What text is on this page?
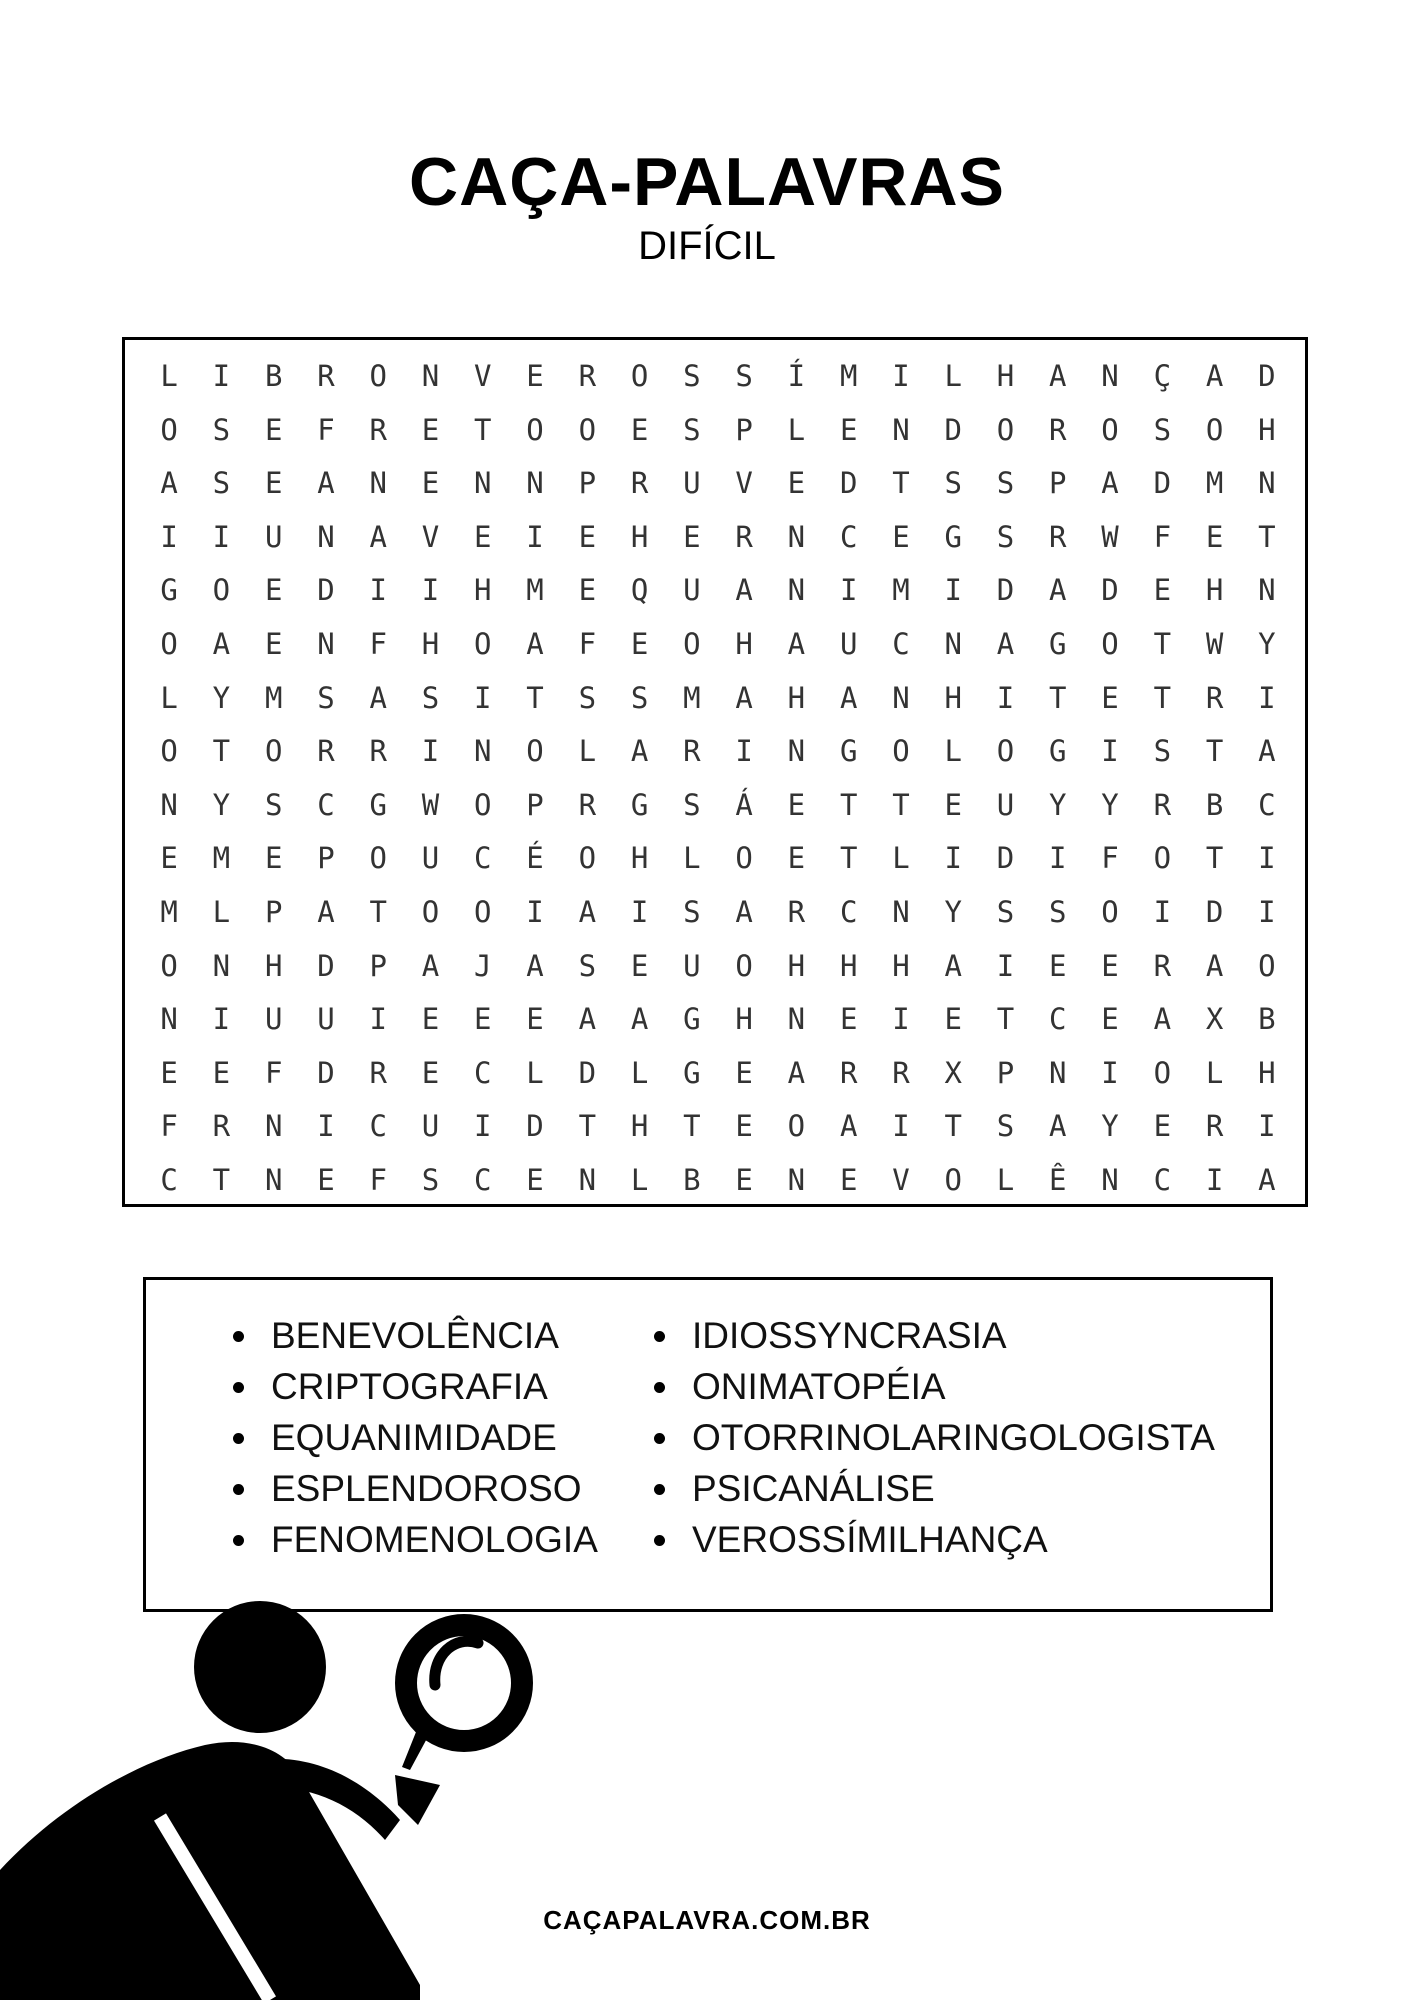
CAÇA-PALAVRAS
DIFÍCIL
L	I	B	R	O	N	V	E	R	O	S	S	Í	M	I	L	H	A	N	Ç	A	D
O	S	E	F	R	E	T	O	O	E	S	P	L	E	N	D	O	R	O	S	O	H
A	S	E	A	N	E	N	N	P	R	U	V	E	D	T	S	S	P	A	D	M	N
I	I	U	N	A	V	E	I	E	H	E	R	N	C	E	G	S	R	W	F	E	T
G	O	E	D	I	I	H	M	E	Q	U	A	N	I	M	I	D	A	D	E	H	N
O	A	E	N	F	H	O	A	F	E	O	H	A	U	C	N	A	G	O	T	W	Y
L	Y	M	S	A	S	I	T	S	S	M	A	H	A	N	H	I	T	E	T	R	I
O	T	O	R	R	I	N	O	L	A	R	I	N	G	O	L	O	G	I	S	T	A
N	Y	S	C	G	W	O	P	R	G	S	Á	E	T	T	E	U	Y	Y	R	B	C
E	M	E	P	O	U	C	É	O	H	L	O	E	T	L	I	D	I	F	O	T	I
M	L	P	A	T	O	O	I	A	I	S	A	R	C	N	Y	S	S	O	I	D	I
O	N	H	D	P	A	J	A	S	E	U	O	H	H	H	A	I	E	E	R	A	O
N	I	U	U	I	E	E	E	A	A	G	H	N	E	I	E	T	C	E	A	X	B
E	E	F	D	R	E	C	L	D	L	G	E	A	R	R	X	P	N	I	O	L	H
F	R	N	I	C	U	I	D	T	H	T	E	O	A	I	T	S	A	Y	E	R	I
C	T	N	E	F	S	C	E	N	L	B	E	N	E	V	O	L	Ê	N	C	I	A
BENEVOLÊNCIA
CRIPTOGRAFIA
EQUANIMIDADE
ESPLENDOROSO
FENOMENOLOGIA
IDIOSSYNCRASIA
ONIMATOPÉIA
OTORRINOLARINGOLOGISTA
PSICANÁLISE
VEROSSÍMILHANÇA
CAÇAPALAVRA.COM.BR
